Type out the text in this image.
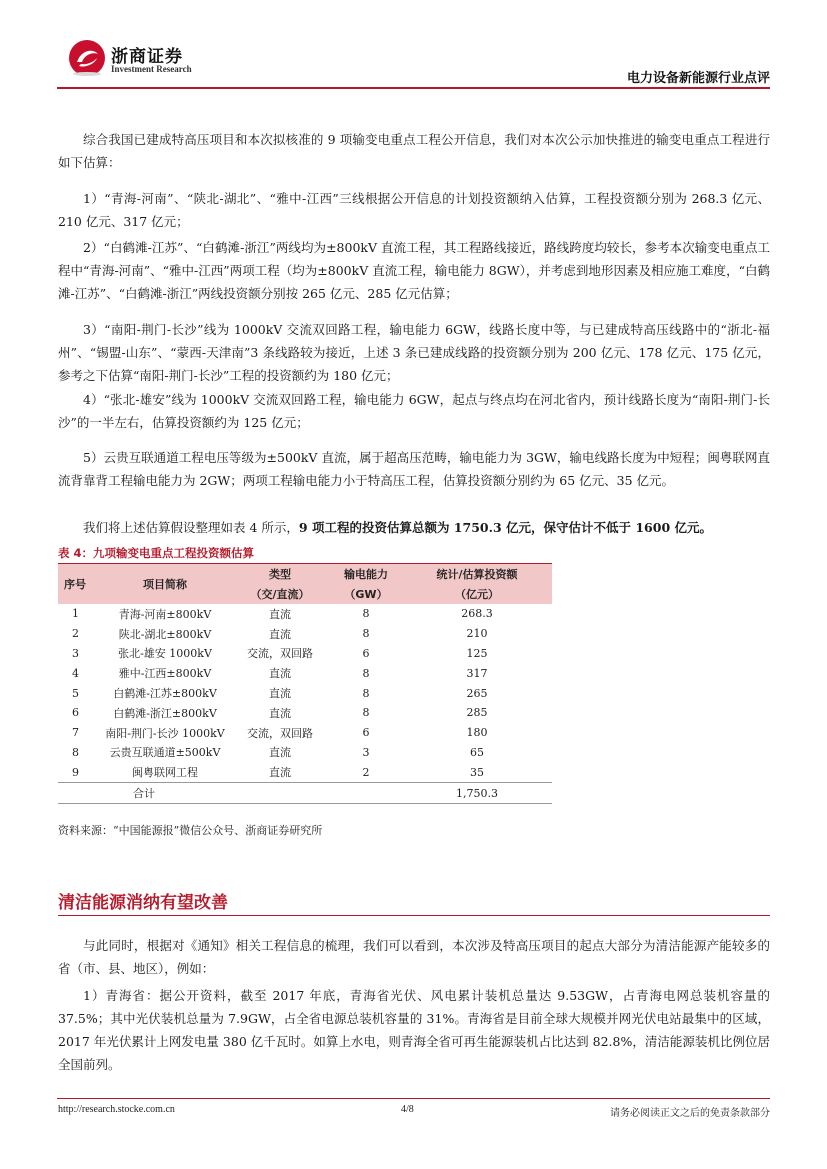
浙商证券
Investment Research
电力设备新能源行业点评

综合我国已建成特高压项目和本次拟核准的 9 项输变电重点工程公开信息，我们对本次公示加快推进的输变电重点工程进行如下估算：

1）“青海-河南”、“陕北-湖北”、“雅中-江西”三线根据公开信息的计划投资额纳入估算，工程投资额分别为 268.3 亿元、210 亿元、317 亿元；

2）“白鹤滩-江苏”、“白鹤滩-浙江”两线均为±800kV 直流工程，其工程路线接近，路线跨度均较长，参考本次输变电重点工程中“青海-河南”、“雅中-江西”两项工程（均为±800kV 直流工程，输电能力 8GW），并考虑到地形因素及相应施工难度，“白鹤滩-江苏”、“白鹤滩-浙江”两线投资额分别按 265 亿元、285 亿元估算；

3）“南阳-荆门-长沙”线为 1000kV 交流双回路工程，输电能力 6GW，线路长度中等，与已建成特高压线路中的“浙北-福州”、“锡盟-山东”、“蒙西-天津南”3 条线路较为接近，上述 3 条已建成线路的投资额分别为 200 亿元、178 亿元、175 亿元，参考之下估算“南阳-荆门-长沙”工程的投资额约为 180 亿元；

4）“张北-雄安”线为 1000kV 交流双回路工程，输电能力 6GW，起点与终点均在河北省内，预计线路长度为“南阳-荆门-长沙”的一半左右，估算投资额约为 125 亿元；

5）云贵互联通道工程电压等级为±500kV 直流，属于超高压范畴，输电能力为 3GW，输电线路长度为中短程；闽粤联网直流背靠背工程输电能力为 2GW；两项工程输电能力小于特高压工程，估算投资额分别约为 65 亿元、35 亿元。

我们将上述估算假设整理如表 4 所示，9 项工程的投资估算总额为 1750.3 亿元，保守估计不低于 1600 亿元。

表 4：九项输变电重点工程投资额估算
序号	项目简称	类型	输电能力	统计/估算投资额
		（交/直流）	（GW）	（亿元）
1	青海-河南±800kV	直流	8	268.3
2	陕北-湖北±800kV	直流	8	210
3	张北-雄安 1000kV	交流，双回路	6	125
4	雅中-江西±800kV	直流	8	317
5	白鹤滩-江苏±800kV	直流	8	265
6	白鹤滩-浙江±800kV	直流	8	285
7	南阳-荆门-长沙 1000kV	交流，双回路	6	180
8	云贵互联通道±500kV	直流	3	65
9	闽粤联网工程	直流	2	35
合计				1,750.3
资料来源：“中国能源报”微信公众号、浙商证券研究所
清洁能源消纳有望改善

与此同时，根据对《通知》相关工程信息的梳理，我们可以看到，本次涉及特高压项目的起点大部分为清洁能源产能较多的省（市、县、地区），例如：

1）青海省：据公开资料，截至 2017 年底，青海省光伏、风电累计装机总量达 9.53GW，占青海电网总装机容量的 37.5%；其中光伏装机总量为 7.9GW，占全省电源总装机容量的 31%。青海省是目前全球大规模并网光伏电站最集中的区域，2017 年光伏累计上网发电量 380 亿千瓦时。如算上水电，则青海全省可再生能源装机占比达到 82.8%，清洁能源装机比例位居全国前列。

http://research.stocke.com.cn	4/8	请务必阅读正文之后的免责条款部分
